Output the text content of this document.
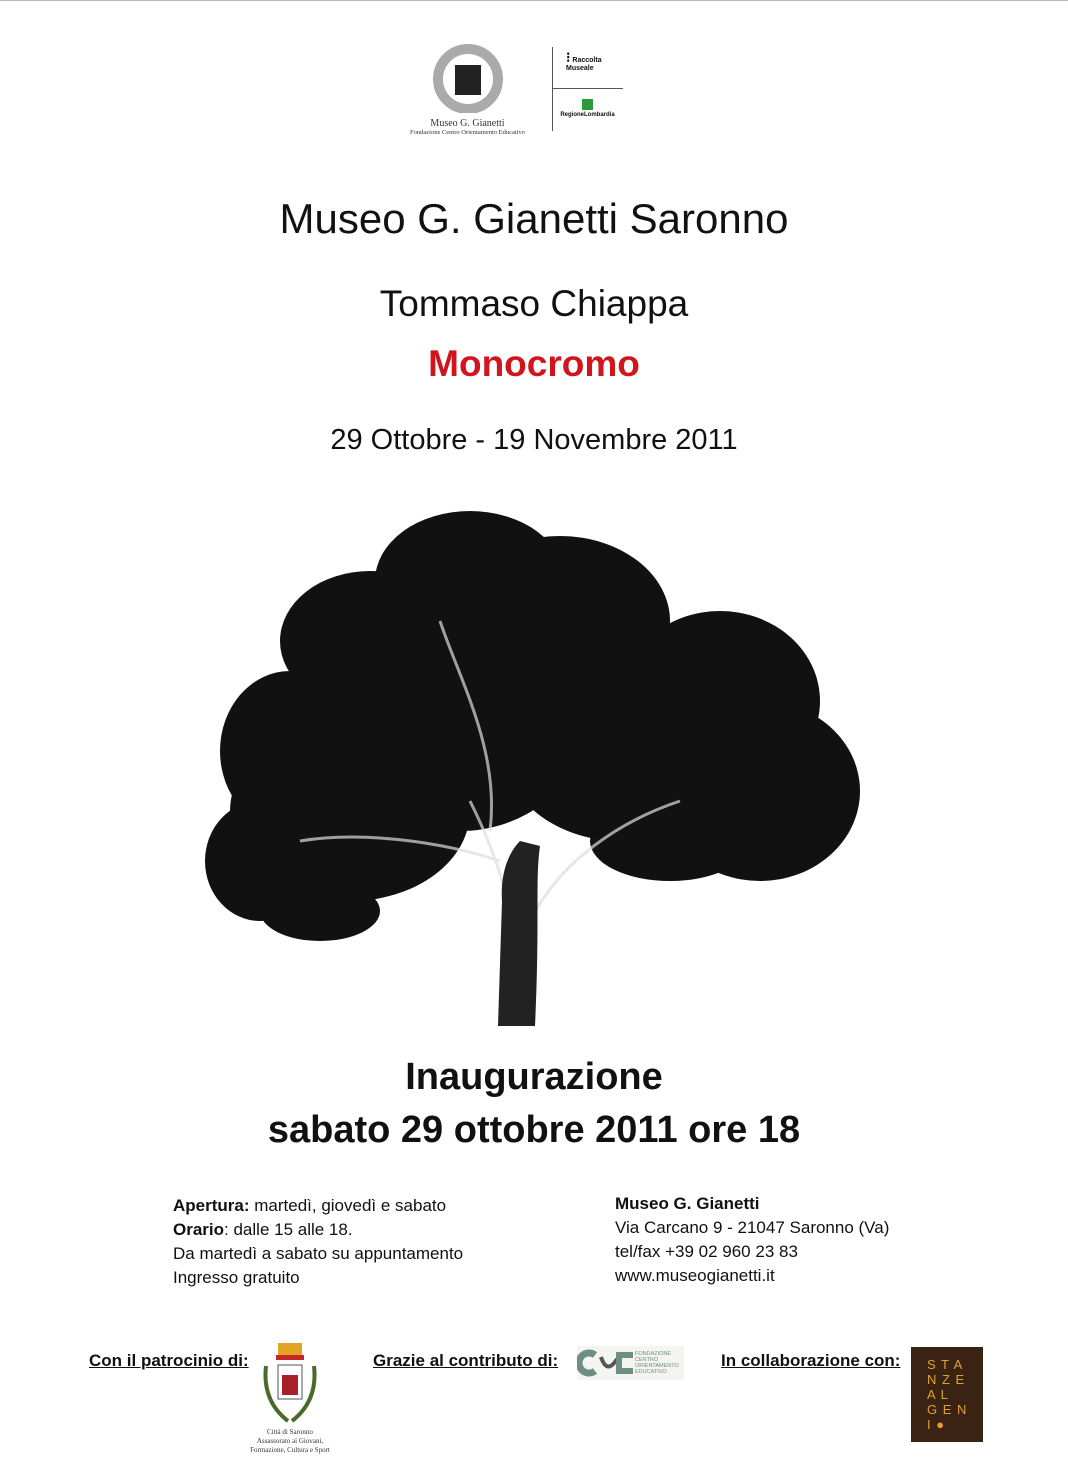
Museo G. Gianetti
Fondazione Centro Orientamento Educativo
⁝ Raccolta Museale
RegioneLombardia
Museo G. Gianetti Saronno
Tommaso Chiappa
Monocromo
29 Ottobre - 19 Novembre 2011
Inaugurazione
sabato 29 ottobre 2011 ore 18
Apertura: martedì, giovedì e sabato
Orario: dalle 15 alle 18.
Da martedì a sabato su appuntamento
Ingresso gratuito
Museo G. Gianetti
Via Carcano 9 - 21047 Saronno (Va)
tel/fax +39 02 960 23 83
www.museogianetti.it
Con il patrocinio di:
Città di Saronno
Assassorato ai Giovani,
Formazione, Cultura e Sport
Grazie al contributo di:	FONDAZIONE
CENTRO
ORIENTAMENTO
EDUCATIVO
In collaborazione con: S T A
N Z E
A L
G E N
I ●
